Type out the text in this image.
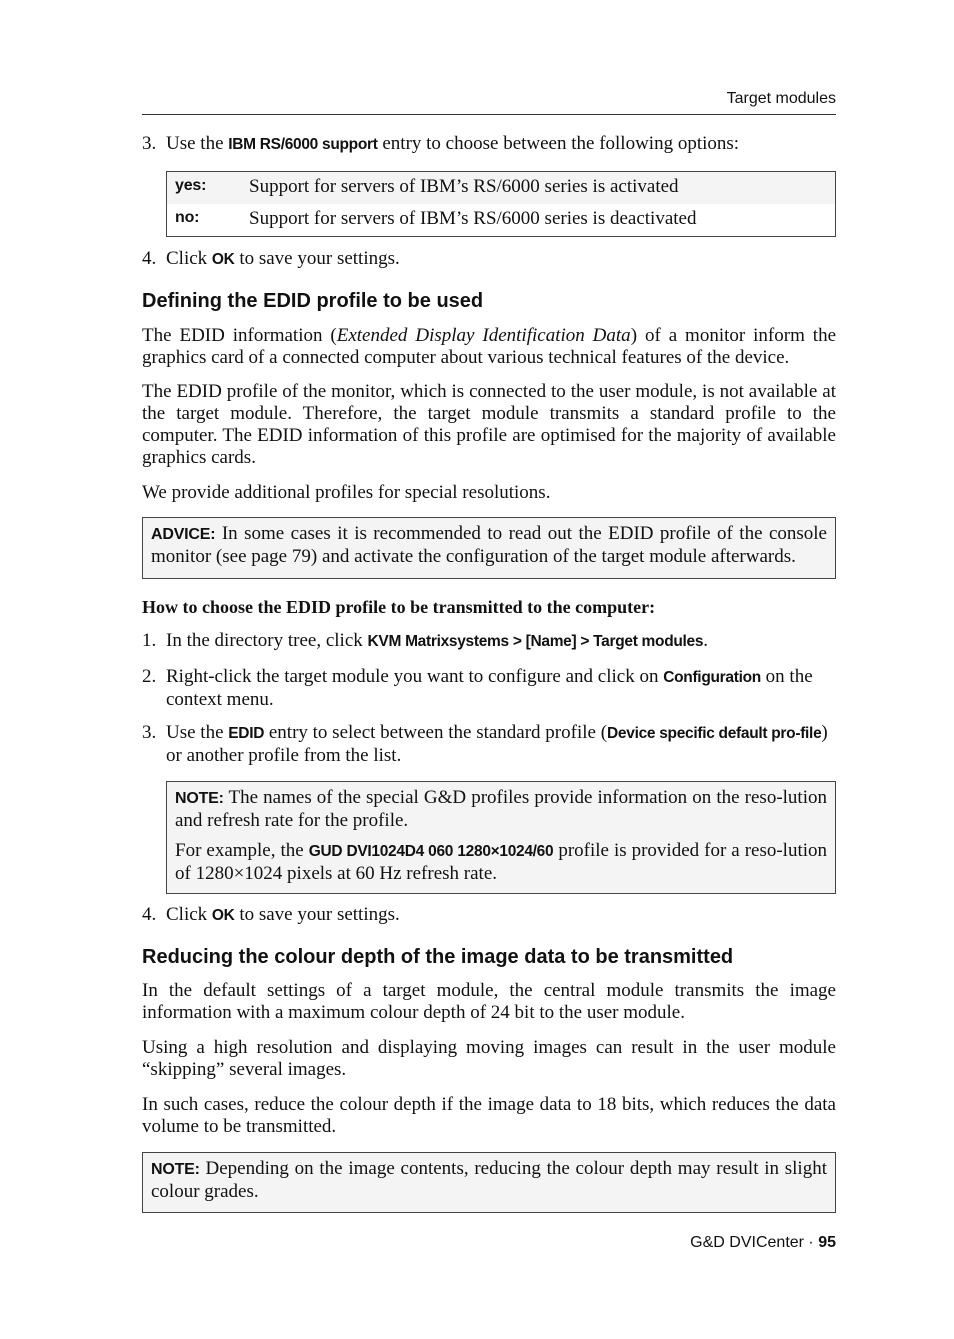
Target modules
3. Use the IBM RS/6000 support entry to choose between the following options:
yes: Support for servers of IBM’s RS/6000 series is activated
no:	Support for servers of IBM’s RS/6000 series is deactivated
4. Click OK to save your settings.
Defining the EDID profile to be used
The EDID information (Extended Display Identification Data) of a monitor inform the graphics card of a connected computer about various technical features of the device.
The EDID profile of the monitor, which is connected to the user module, is not available at the target module. Therefore, the target module transmits a standard profile to the computer. The EDID information of this profile are optimised for the majority of available graphics cards.
We provide additional profiles for special resolutions.
ADVICE: In some cases it is recommended to read out the EDID profile of the console monitor (see page 79) and activate the configuration of the target module afterwards.
How to choose the EDID profile to be transmitted to the computer:
1. In the directory tree, click KVM Matrixsystems > [Name] > Target modules.
2. Right-click the target module you want to configure and click on Configuration on the context menu.
3. Use the EDID entry to select between the standard profile (Device specific default pro-file) or another profile from the list.
NOTE: The names of the special G&D profiles provide information on the reso-lution and refresh rate for the profile.
For example, the GUD DVI1024D4 060 1280×1024/60 profile is provided for a reso-lution of 1280×1024 pixels at 60 Hz refresh rate.
4. Click OK to save your settings.
Reducing the colour depth of the image data to be transmitted
In the default settings of a target module, the central module transmits the image information with a maximum colour depth of 24 bit to the user module.
Using a high resolution and displaying moving images can result in the user module “skipping” several images.
In such cases, reduce the colour depth if the image data to 18 bits, which reduces the data volume to be transmitted.
NOTE: Depending on the image contents, reducing the colour depth may result in slight colour grades.
G&D DVICenter · 95
